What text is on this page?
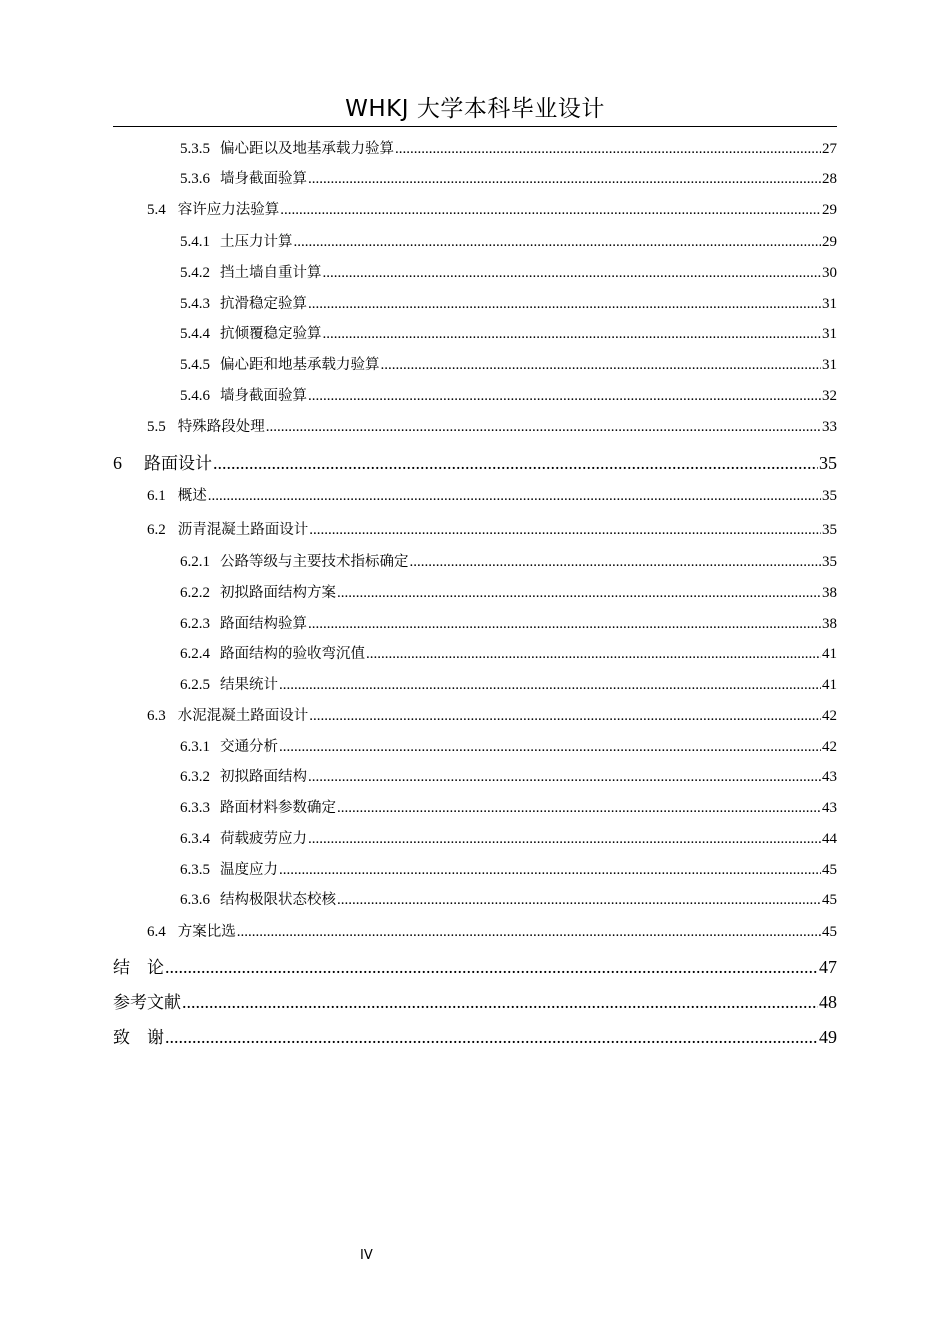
WHKJ 大学本科毕业设计
5.3.5 偏心距以及地基承载力验算 .....	27
5.3.6 墙身截面验算 .....	28
5.4 容许应力法验算 .....	29
5.4.1 土压力计算 .....	29
5.4.2 挡土墙自重计算 .....	30
5.4.3 抗滑稳定验算 .....	31
5.4.4 抗倾覆稳定验算 .....	31
5.4.5 偏心距和地基承载力验算 .....	31
5.4.6 墙身截面验算 .....	32
5.5 特殊路段处理 .....	33
6 路面设计 .....	35
6.1 概述 .....	35
6.2 沥青混凝土路面设计 .....	35
6.2.1 公路等级与主要技术指标确定 .....	35
6.2.2 初拟路面结构方案 .....	38
6.2.3 路面结构验算 .....	38
6.2.4 路面结构的验收弯沉值 .....	41
6.2.5 结果统计 .....	41
6.3 水泥混凝土路面设计 .....	42
6.3.1 交通分析 .....	42
6.3.2 初拟路面结构 .....	43
6.3.3 路面材料参数确定 .....	43
6.3.4 荷载疲劳应力 .....	44
6.3.5 温度应力 .....	45
6.3.6 结构极限状态校核 .....	45
6.4 方案比选 .....	45
结　论 .....	47
参考文献 .....	48
致　谢 .....	49
IV
